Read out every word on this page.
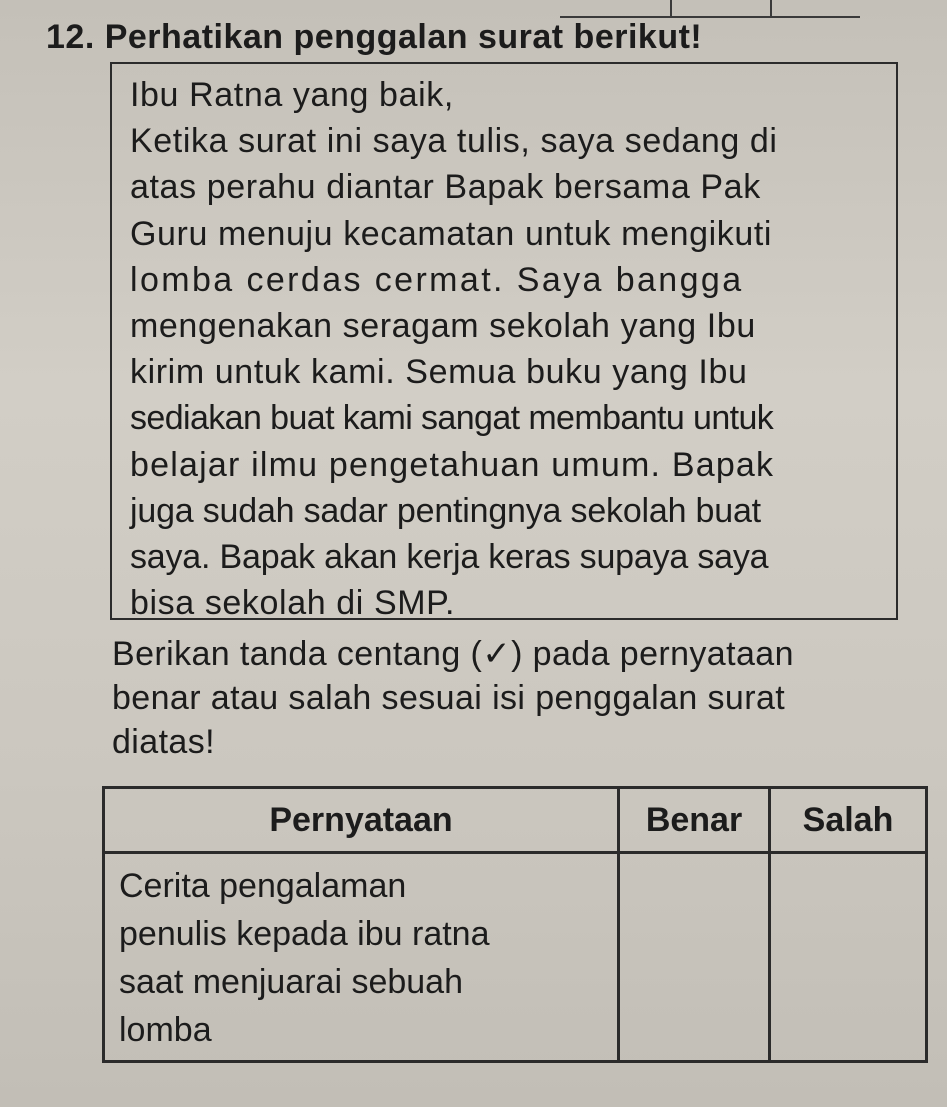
12. Perhatikan penggalan surat berikut!
Ibu Ratna yang baik,
Ketika surat ini saya tulis, saya sedang di
atas perahu diantar Bapak bersama Pak
Guru menuju kecamatan untuk mengikuti
lomba cerdas cermat. Saya bangga
mengenakan seragam sekolah yang Ibu
kirim untuk kami. Semua buku yang Ibu
sediakan buat kami sangat membantu untuk
belajar ilmu pengetahuan umum. Bapak
juga sudah sadar pentingnya sekolah buat
saya. Bapak akan kerja keras supaya saya
bisa sekolah di SMP.
Berikan tanda centang (✓) pada pernyataan
benar atau salah sesuai isi penggalan surat
diatas!
Pernyataan	Benar	Salah

Cerita pengalaman
penulis kepada ibu ratna
saat menjuarai sebuah
lomba		
